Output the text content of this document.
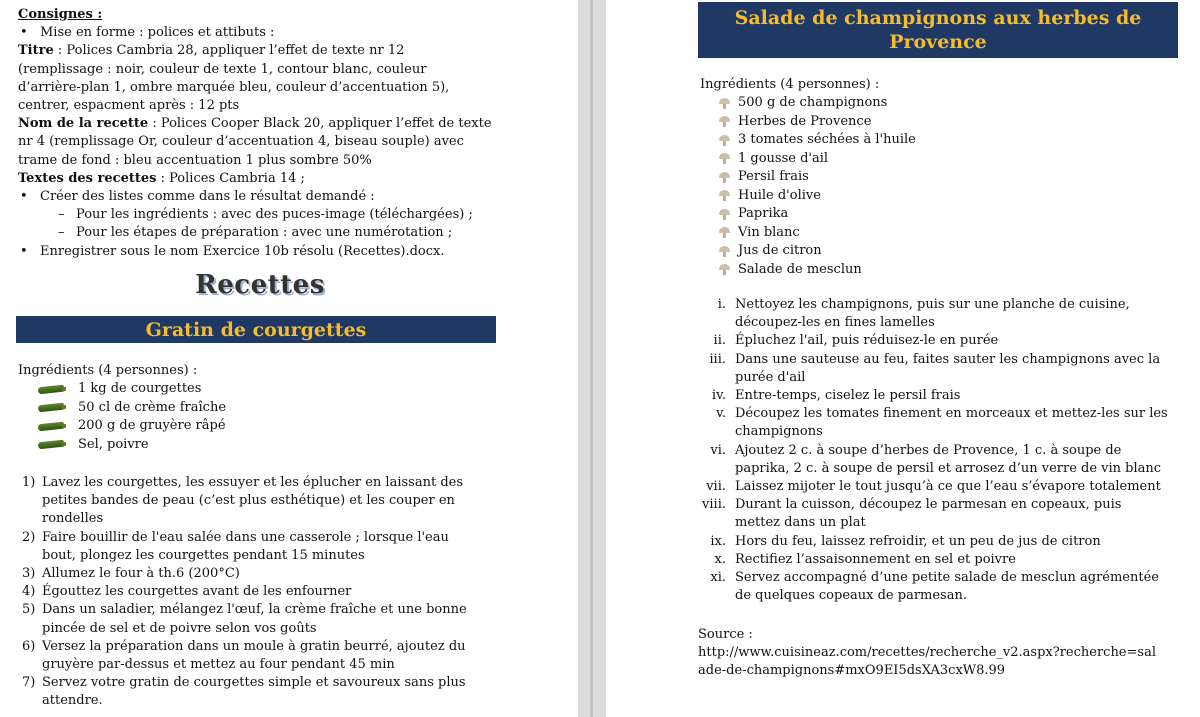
Consignes :
• Mise en forme : polices et attibuts :
Titre : Polices Cambria 28, appliquer l’effet de texte nr 12
(remplissage : noir, couleur de texte 1, contour blanc, couleur
d’arrière-plan 1, ombre marquée bleu, couleur d’accentuation 5),
centrer, espacment après : 12 pts
Nom de la recette : Polices Cooper Black 20, appliquer l’effet de texte
nr 4 (remplissage Or, couleur d’accentuation 4, biseau souple) avec
trame de fond : bleu accentuation 1 plus sombre 50%
Textes des recettes : Polices Cambria 14 ;
• Créer des listes comme dans le résultat demandé :
– Pour les ingrédients : avec des puces-image (téléchargées) ;
– Pour les étapes de préparation : avec une numérotation ;
• Enregistrer sous le nom Exercice 10b résolu (Recettes).docx.
Recettes
Gratin de courgettes
Ingrédients (4 personnes) :
1 kg de courgettes
50 cl de crème fraîche
200 g de gruyère râpé
Sel, poivre
1) Lavez les courgettes, les essuyer et les éplucher en laissant des
petites bandes de peau (c’est plus esthétique) et les couper en
rondelles
2) Faire bouillir de l'eau salée dans une casserole ; lorsque l'eau
bout, plongez les courgettes pendant 15 minutes
3) Allumez le four à th.6 (200°C)
4) Égouttez les courgettes avant de les enfourner
5) Dans un saladier, mélangez l'œuf, la crème fraîche et une bonne
pincée de sel et de poivre selon vos goûts
6) Versez la préparation dans un moule à gratin beurré, ajoutez du
gruyère par-dessus et mettez au four pendant 45 min
7) Servez votre gratin de courgettes simple et savoureux sans plus
attendre.
Salade de champignons aux herbes de
Provence
Ingrédients (4 personnes) :
500 g de champignons
Herbes de Provence
3 tomates séchées à l'huile
1 gousse d'ail
Persil frais
Huile d'olive
Paprika
Vin blanc
Jus de citron
Salade de mesclun
i. Nettoyez les champignons, puis sur une planche de cuisine,
découpez-les en fines lamelles
ii. Épluchez l'ail, puis réduisez-le en purée
iii. Dans une sauteuse au feu, faites sauter les champignons avec la
purée d'ail
iv. Entre-temps, ciselez le persil frais
v. Découpez les tomates finement en morceaux et mettez-les sur les
champignons
vi. Ajoutez 2 c. à soupe d’herbes de Provence, 1 c. à soupe de
paprika, 2 c. à soupe de persil et arrosez d’un verre de vin blanc
vii. Laissez mijoter le tout jusqu’à ce que l’eau s’évapore totalement
viii. Durant la cuisson, découpez le parmesan en copeaux, puis
mettez dans un plat
ix. Hors du feu, laissez refroidir, et un peu de jus de citron
x. Rectifiez l’assaisonnement en sel et poivre
xi. Servez accompagné d’une petite salade de mesclun agrémentée
de quelques copeaux de parmesan.
Source :
http://www.cuisineaz.com/recettes/recherche_v2.aspx?recherche=sal
ade-de-champignons#mxO9EI5dsXA3cxW8.99
